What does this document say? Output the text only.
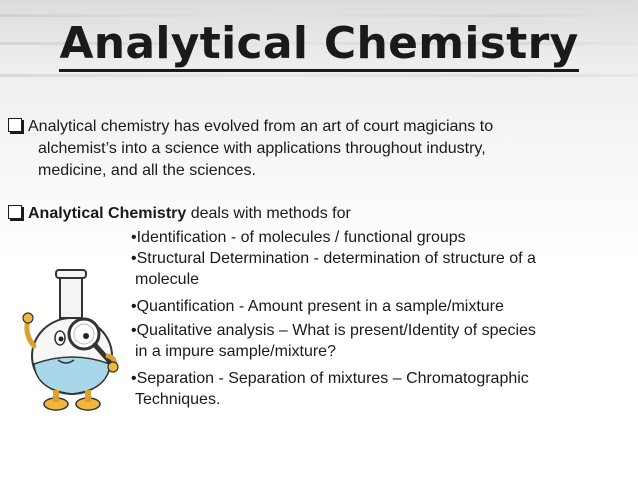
Analytical Chemistry
Analytical chemistry has evolved from an art of court magicians to
alchemist’s into a science with applications throughout industry,
medicine, and all the sciences.
Analytical Chemistry deals with methods for
•Identification - of molecules / functional groups
•Structural Determination - determination of structure of a
molecule
•Quantification - Amount present in a sample/mixture
•Qualitative analysis – What is present/Identity of species
in a impure sample/mixture?
•Separation - Separation of mixtures – Chromatographic
Techniques.
